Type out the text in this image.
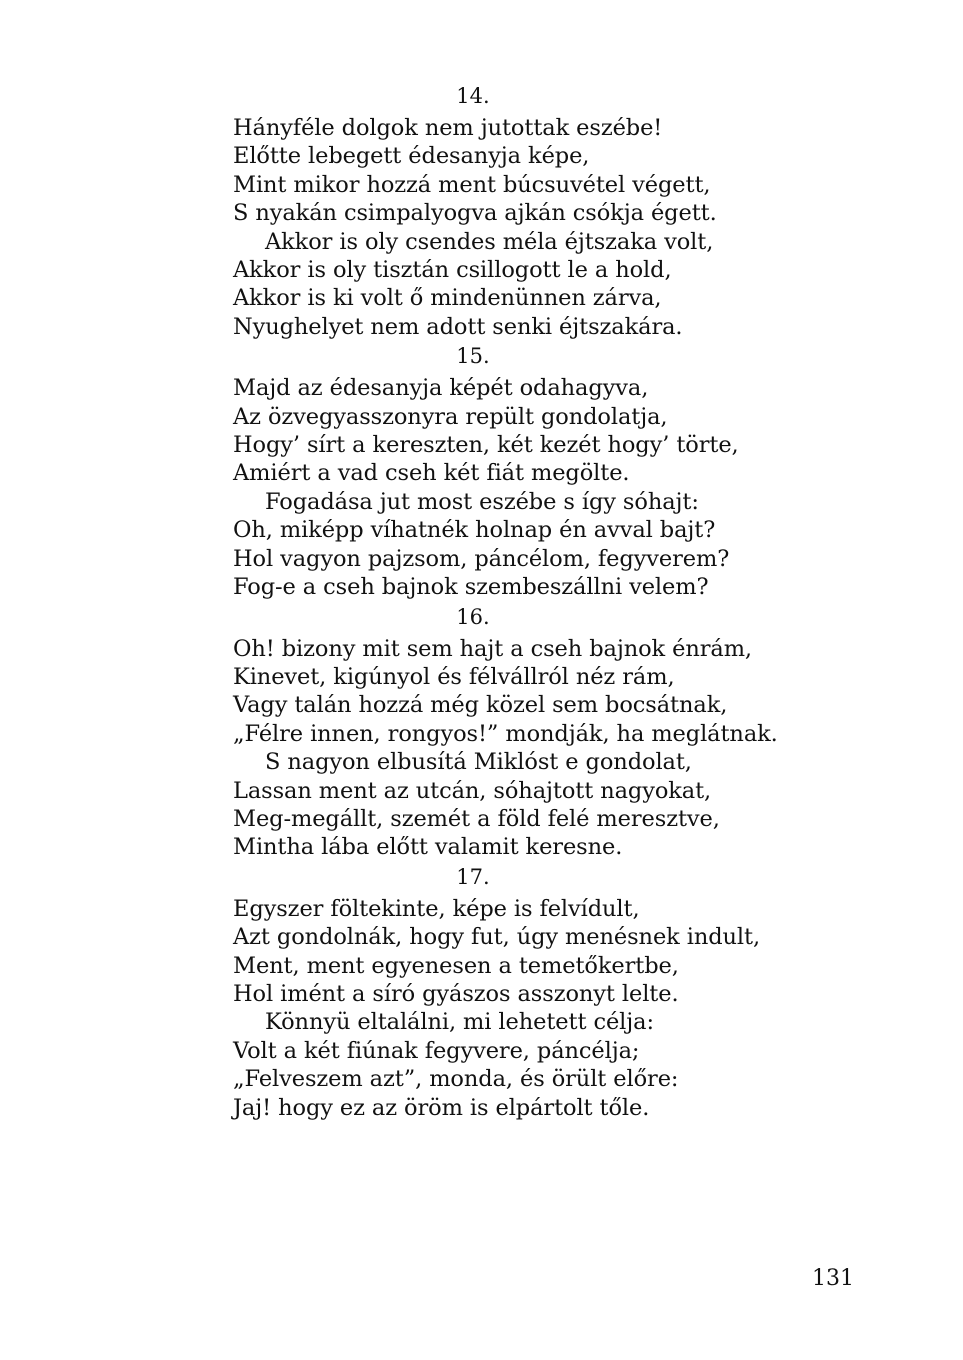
14.
Hányféle dolgok nem jutottak eszébe!
Előtte lebegett édesanyja képe,
Mint mikor hozzá ment búcsuvétel végett,
S nyakán csimpalyogva ajkán csókja égett.
Akkor is oly csendes méla éjtszaka volt,
Akkor is oly tisztán csillogott le a hold,
Akkor is ki volt ő mindenünnen zárva,
Nyughelyet nem adott senki éjtszakára.
15.
Majd az édesanyja képét odahagyva,
Az özvegyasszonyra repült gondolatja,
Hogy’ sírt a kereszten, két kezét hogy’ törte,
Amiért a vad cseh két fiát megölte.
Fogadása jut most eszébe s így sóhajt:
Oh, miképp víhatnék holnap én avval bajt?
Hol vagyon pajzsom, páncélom, fegyverem?
Fog-e a cseh bajnok szembeszállni velem?
16.
Oh! bizony mit sem hajt a cseh bajnok énrám,
Kinevet, kigúnyol és félvállról néz rám,
Vagy talán hozzá még közel sem bocsátnak,
„Félre innen, rongyos!” mondják, ha meglátnak.
S nagyon elbusítá Miklóst e gondolat,
Lassan ment az utcán, sóhajtott nagyokat,
Meg-megállt, szemét a föld felé meresztve,
Mintha lába előtt valamit keresne.
17.
Egyszer föltekinte, képe is felvídult,
Azt gondolnák, hogy fut, úgy menésnek indult,
Ment, ment egyenesen a temetőkertbe,
Hol imént a síró gyászos asszonyt lelte.
Könnyü eltalálni, mi lehetett célja:
Volt a két fiúnak fegyvere, páncélja;
„Felveszem azt”, monda, és örült előre:
Jaj! hogy ez az öröm is elpártolt tőle.
131
